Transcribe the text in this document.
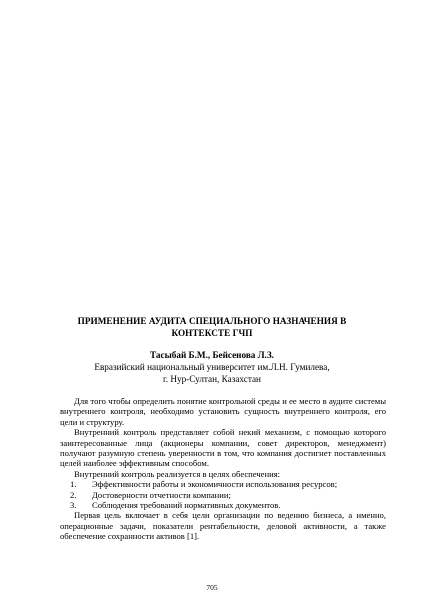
ПРИМЕНЕНИЕ АУДИТА СПЕЦИАЛЬНОГО НАЗНАЧЕНИЯ В
КОНТЕКСТЕ ГЧП
Тасыбай Б.М., Бейсенова Л.З.
Евразийский национальный университет им.Л.Н. Гумилева,
г. Нур-Султан, Казахстан

Для того чтобы определить понятие контрольной среды и ее место в аудите системы внутреннего контроля, необходимо установить сущность внутреннего контроля, его цели и структуру.

Внутренний контроль представляет собой некий механизм, с помощью которого заинтересованные лица (акционеры компании, совет директоров, менеджмент) получают разумную степень уверенности в том, что компания достигнет поставленных целей наиболее эффективным способом.

Внутренний контроль реализуется в целях обеспечения:

1.	Эффективности работы и экономичности использования ресурсов;
2.	Достоверности отчетности компании;
3.	Соблюдения требований нормативных документов.

Первая цель включает в себя цели организации по ведению бизнеса, а именно, операционные задачи, показатели рентабельности, деловой активности, а также обеспечение сохранности активов [1].

705
